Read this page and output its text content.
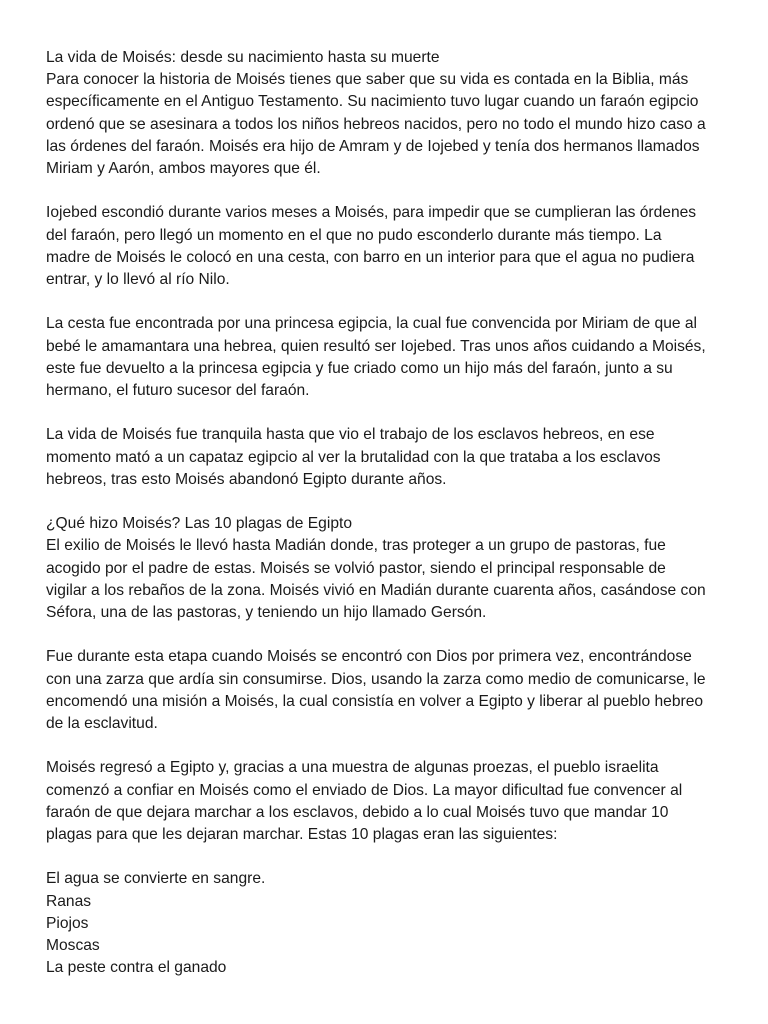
La vida de Moisés: desde su nacimiento hasta su muerte
Para conocer la historia de Moisés tienes que saber que su vida es contada en la Biblia, más
específicamente en el Antiguo Testamento. Su nacimiento tuvo lugar cuando un faraón egipcio
ordenó que se asesinara a todos los niños hebreos nacidos, pero no todo el mundo hizo caso a
las órdenes del faraón. Moisés era hijo de Amram y de Iojebed y tenía dos hermanos llamados
Miriam y Aarón, ambos mayores que él.
Iojebed escondió durante varios meses a Moisés, para impedir que se cumplieran las órdenes
del faraón, pero llegó un momento en el que no pudo esconderlo durante más tiempo. La
madre de Moisés le colocó en una cesta, con barro en un interior para que el agua no pudiera
entrar, y lo llevó al río Nilo.
La cesta fue encontrada por una princesa egipcia, la cual fue convencida por Miriam de que al
bebé le amamantara una hebrea, quien resultó ser Iojebed. Tras unos años cuidando a Moisés,
este fue devuelto a la princesa egipcia y fue criado como un hijo más del faraón, junto a su
hermano, el futuro sucesor del faraón.
La vida de Moisés fue tranquila hasta que vio el trabajo de los esclavos hebreos, en ese
momento mató a un capataz egipcio al ver la brutalidad con la que trataba a los esclavos
hebreos, tras esto Moisés abandonó Egipto durante años.
¿Qué hizo Moisés? Las 10 plagas de Egipto
El exilio de Moisés le llevó hasta Madián donde, tras proteger a un grupo de pastoras, fue
acogido por el padre de estas. Moisés se volvió pastor, siendo el principal responsable de
vigilar a los rebaños de la zona. Moisés vivió en Madián durante cuarenta años, casándose con
Séfora, una de las pastoras, y teniendo un hijo llamado Gersón.
Fue durante esta etapa cuando Moisés se encontró con Dios por primera vez, encontrándose
con una zarza que ardía sin consumirse. Dios, usando la zarza como medio de comunicarse, le
encomendó una misión a Moisés, la cual consistía en volver a Egipto y liberar al pueblo hebreo
de la esclavitud.
Moisés regresó a Egipto y, gracias a una muestra de algunas proezas, el pueblo israelita
comenzó a confiar en Moisés como el enviado de Dios. La mayor dificultad fue convencer al
faraón de que dejara marchar a los esclavos, debido a lo cual Moisés tuvo que mandar 10
plagas para que les dejaran marchar. Estas 10 plagas eran las siguientes:
El agua se convierte en sangre.
Ranas
Piojos
Moscas
La peste contra el ganado
